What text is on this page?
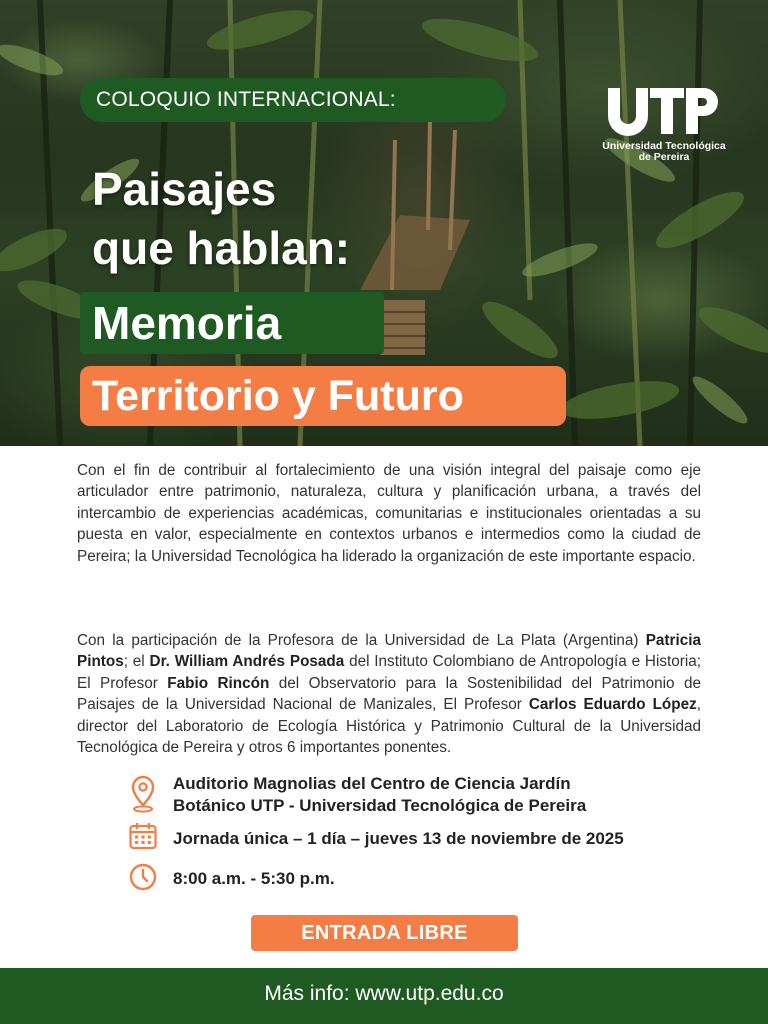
COLOQUIO INTERNACIONAL:
Universidad Tecnológica
de Pereira
Paisajes
que hablan:
Memoria
Territorio y Futuro

Con el fin de contribuir al fortalecimiento de una visión integral del paisaje como eje articulador entre patrimonio, naturaleza, cultura y planificación urbana, a través del intercambio de experiencias académicas, comunitarias e institucionales orientadas a su puesta en valor, especialmente en contextos urbanos e intermedios como la ciudad de Pereira; la Universidad Tecnológica ha liderado la organización de este importante espacio.

Con la participación de la Profesora de la Universidad de La Plata (Argentina) Patricia Pintos; el Dr. William Andrés Posada del Instituto Colombiano de Antropología e Historia; El Profesor Fabio Rincón del Observatorio para la Sostenibilidad del Patrimonio de Paisajes de la Universidad Nacional de Manizales, El Profesor Carlos Eduardo López, director del Laboratorio de Ecología Histórica y Patrimonio Cultural de la Universidad Tecnológica de Pereira y otros 6 importantes ponentes.

Auditorio Magnolias del Centro de Ciencia Jardín
Botánico UTP - Universidad Tecnológica de Pereira
Jornada única – 1 día – jueves 13 de noviembre de 2025
8:00 a.m. - 5:30 p.m.
ENTRADA LIBRE
Más info: www.utp.edu.co
